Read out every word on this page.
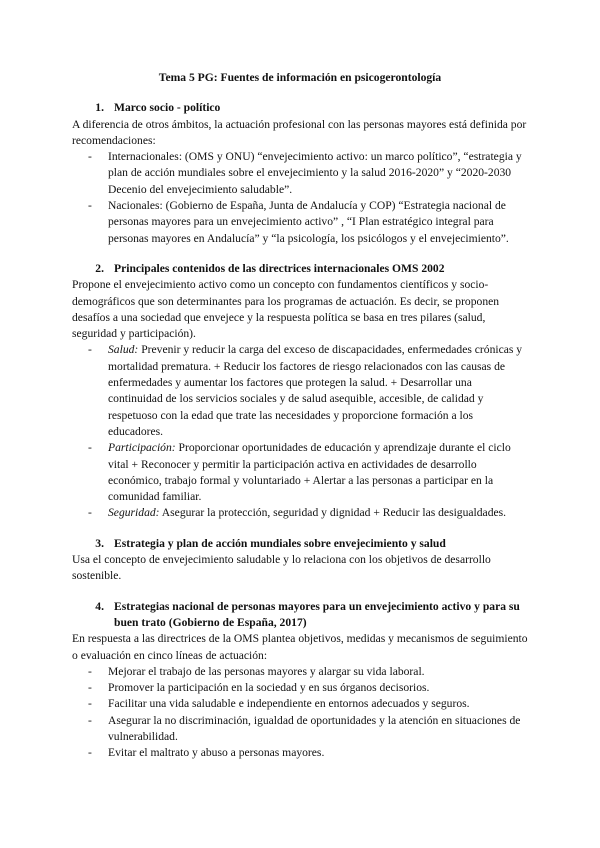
Tema 5 PG: Fuentes de información en psicogerontología
1. Marco socio - político

A diferencia de otros ámbitos, la actuación profesional con las personas mayores está definida por recomendaciones:

-	Internacionales: (OMS y ONU) “envejecimiento activo: un marco político”, “estrategia y plan de acción mundiales sobre el envejecimiento y la salud 2016-2020” y “2020-2030 Decenio del envejecimiento saludable”.
-	Nacionales: (Gobierno de España, Junta de Andalucía y COP) “Estrategia nacional de personas mayores para un envejecimiento activo” , “I Plan estratégico integral para personas mayores en Andalucía” y “la psicología, los psicólogos y el envejecimiento”.
2. Principales contenidos de las directrices internacionales OMS 2002

Propone el envejecimiento activo como un concepto con fundamentos científicos y socio-demográficos que son determinantes para los programas de actuación. Es decir, se proponen desafíos a una sociedad que envejece y la respuesta política se basa en tres pilares (salud, seguridad y participación).

-	Salud: Prevenir y reducir la carga del exceso de discapacidades, enfermedades crónicas y mortalidad prematura. + Reducir los factores de riesgo relacionados con las causas de enfermedades y aumentar los factores que protegen la salud. + Desarrollar una continuidad de los servicios sociales y de salud asequible, accesible, de calidad y respetuoso con la edad que trate las necesidades y proporcione formación a los educadores.
-	Participación: Proporcionar oportunidades de educación y aprendizaje durante el ciclo vital + Reconocer y permitir la participación activa en actividades de desarrollo económico, trabajo formal y voluntariado + Alertar a las personas a participar en la comunidad familiar.
-	Seguridad: Asegurar la protección, seguridad y dignidad + Reducir las desigualdades.
3. Estrategia y plan de acción mundiales sobre envejecimiento y salud

Usa el concepto de envejecimiento saludable y lo relaciona con los objetivos de desarrollo sostenible.

4. Estrategias nacional de personas mayores para un envejecimiento activo y para su buen trato (Gobierno de España, 2017)

En respuesta a las directrices de la OMS plantea objetivos, medidas y mecanismos de seguimiento o evaluación en cinco líneas de actuación:

-	Mejorar el trabajo de las personas mayores y alargar su vida laboral.
-	Promover la participación en la sociedad y en sus órganos decisorios.
-	Facilitar una vida saludable e independiente en entornos adecuados y seguros.
-	Asegurar la no discriminación, igualdad de oportunidades y la atención en situaciones de vulnerabilidad.
-	Evitar el maltrato y abuso a personas mayores.
